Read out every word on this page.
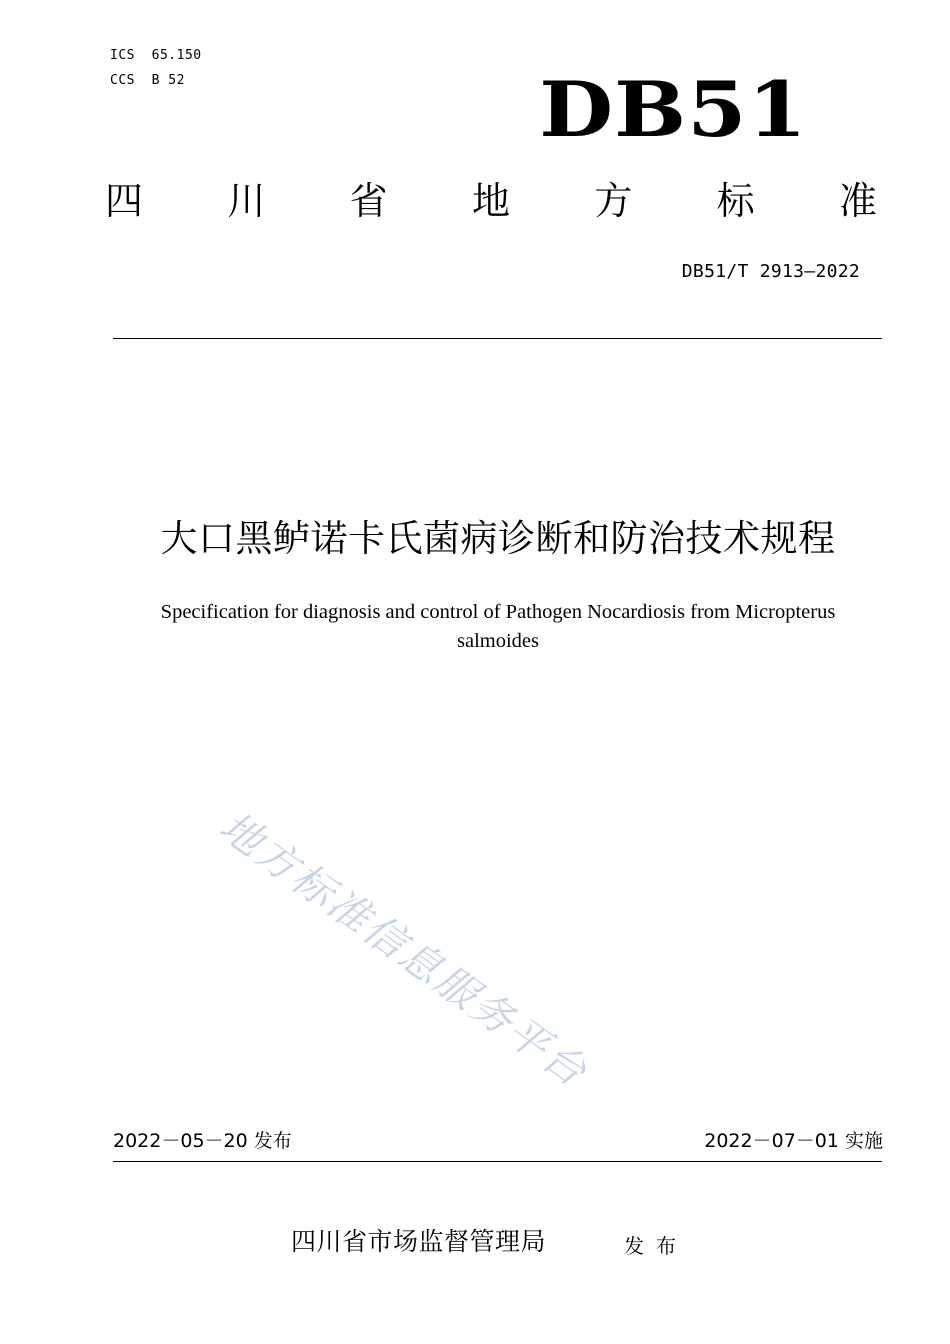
ICS  65.150
CCS  B 52	DB51
四 川 省 地 方 标 准
DB51/T 2913—2022
大口黑鲈诺卡氏菌病诊断和防治技术规程
Specification for diagnosis and control of Pathogen Nocardiosis from Micropterus salmoides
地方标准信息服务平台
2022－05－20 发布	2022－07－01 实施
四川省市场监督管理局	发布
